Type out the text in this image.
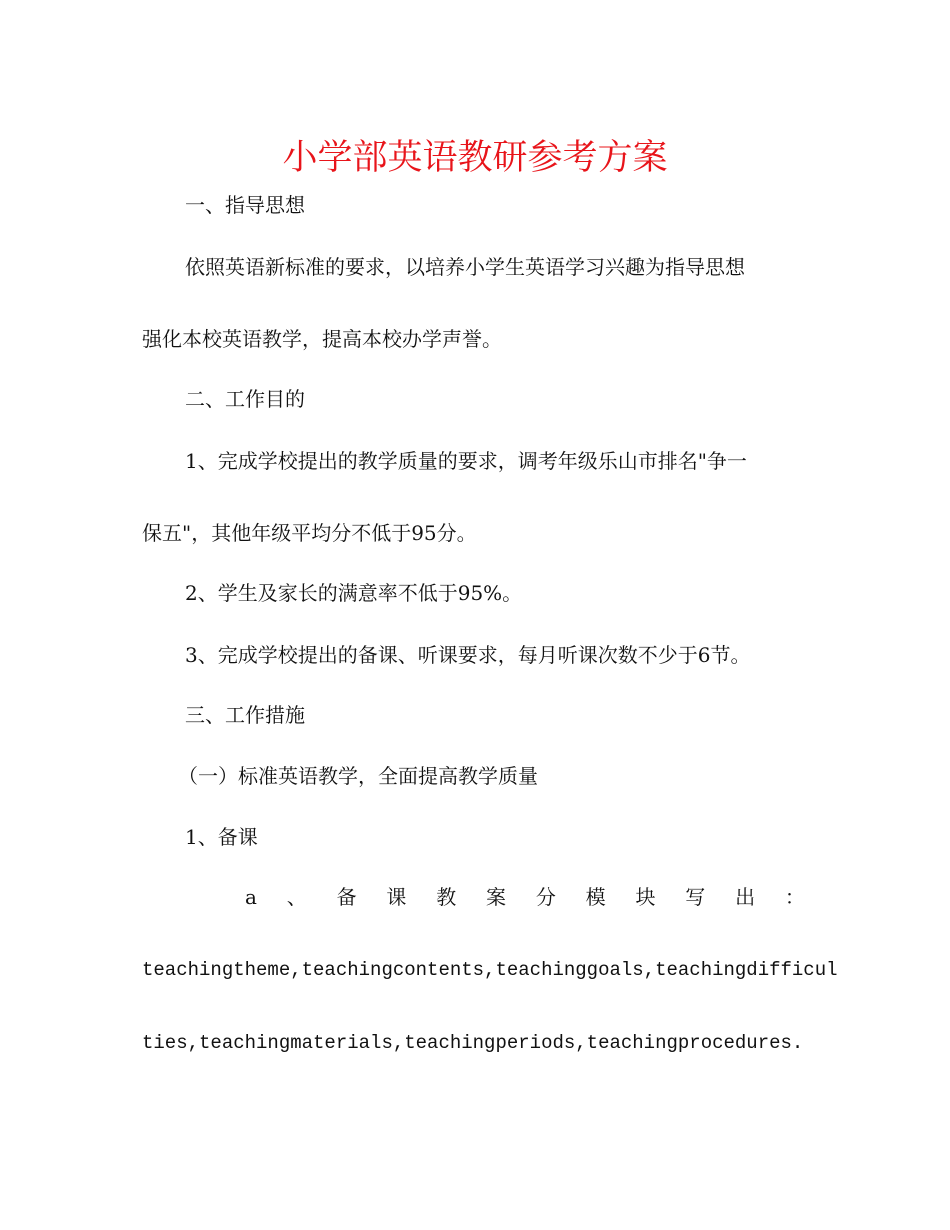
小学部英语教研参考方案

一、指导思想

依照英语新标准的要求，以培养小学生英语学习兴趣为指导思想

强化本校英语教学，提高本校办学声誉。

二、工作目的

1、完成学校提出的教学质量的要求，调考年级乐山市排名"争一

保五"，其他年级平均分不低于95分。

2、学生及家长的满意率不低于95%。

3、完成学校提出的备课、听课要求，每月听课次数不少于6节。

三、工作措施

（一）标准英语教学，全面提高教学质量

1、备课

a 、 备 课 教 案 分 模 块 写 出 ：

teachingtheme,teachingcontents,teachinggoals,teachingdifficul

ties,teachingmaterials,teachingperiods,teachingprocedures.
